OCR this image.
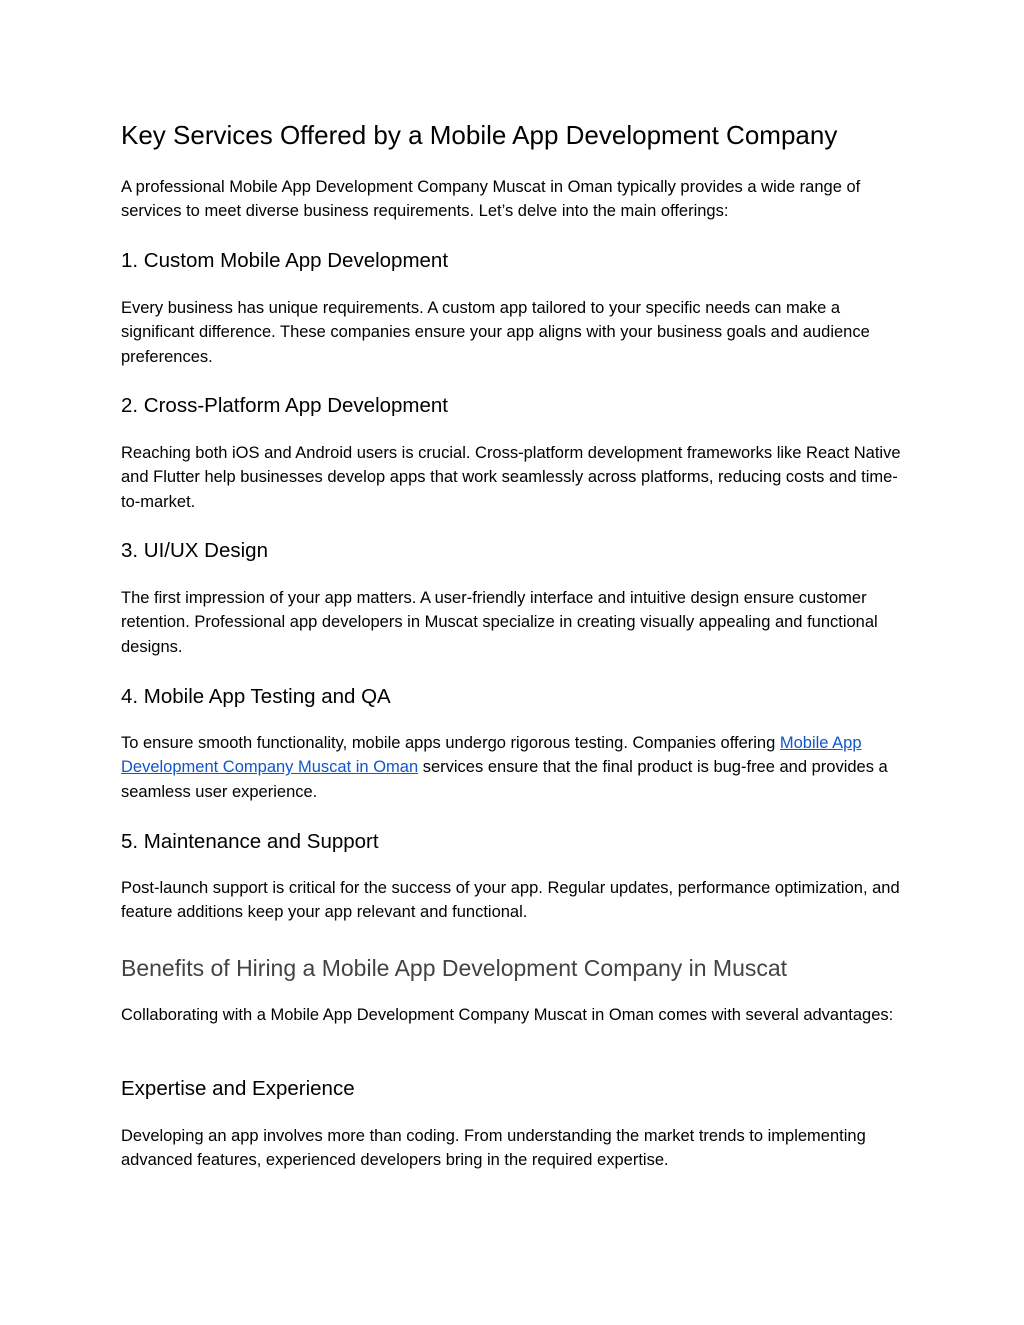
Key Services Offered by a Mobile App Development Company

A professional Mobile App Development Company Muscat in Oman typically provides a wide range of services to meet diverse business requirements. Let’s delve into the main offerings:

1. Custom Mobile App Development

Every business has unique requirements. A custom app tailored to your specific needs can make a significant difference. These companies ensure your app aligns with your business goals and audience preferences.

2. Cross-Platform App Development

Reaching both iOS and Android users is crucial. Cross-platform development frameworks like React Native and Flutter help businesses develop apps that work seamlessly across platforms, reducing costs and time-to-market.

3. UI/UX Design

The first impression of your app matters. A user-friendly interface and intuitive design ensure customer retention. Professional app developers in Muscat specialize in creating visually appealing and functional designs.

4. Mobile App Testing and QA

To ensure smooth functionality, mobile apps undergo rigorous testing. Companies offering Mobile App Development Company Muscat in Oman services ensure that the final product is bug-free and provides a seamless user experience.

5. Maintenance and Support

Post-launch support is critical for the success of your app. Regular updates, performance optimization, and feature additions keep your app relevant and functional.

Benefits of Hiring a Mobile App Development Company in Muscat

Collaborating with a Mobile App Development Company Muscat in Oman comes with several advantages:

Expertise and Experience

Developing an app involves more than coding. From understanding the market trends to implementing advanced features, experienced developers bring in the required expertise.
